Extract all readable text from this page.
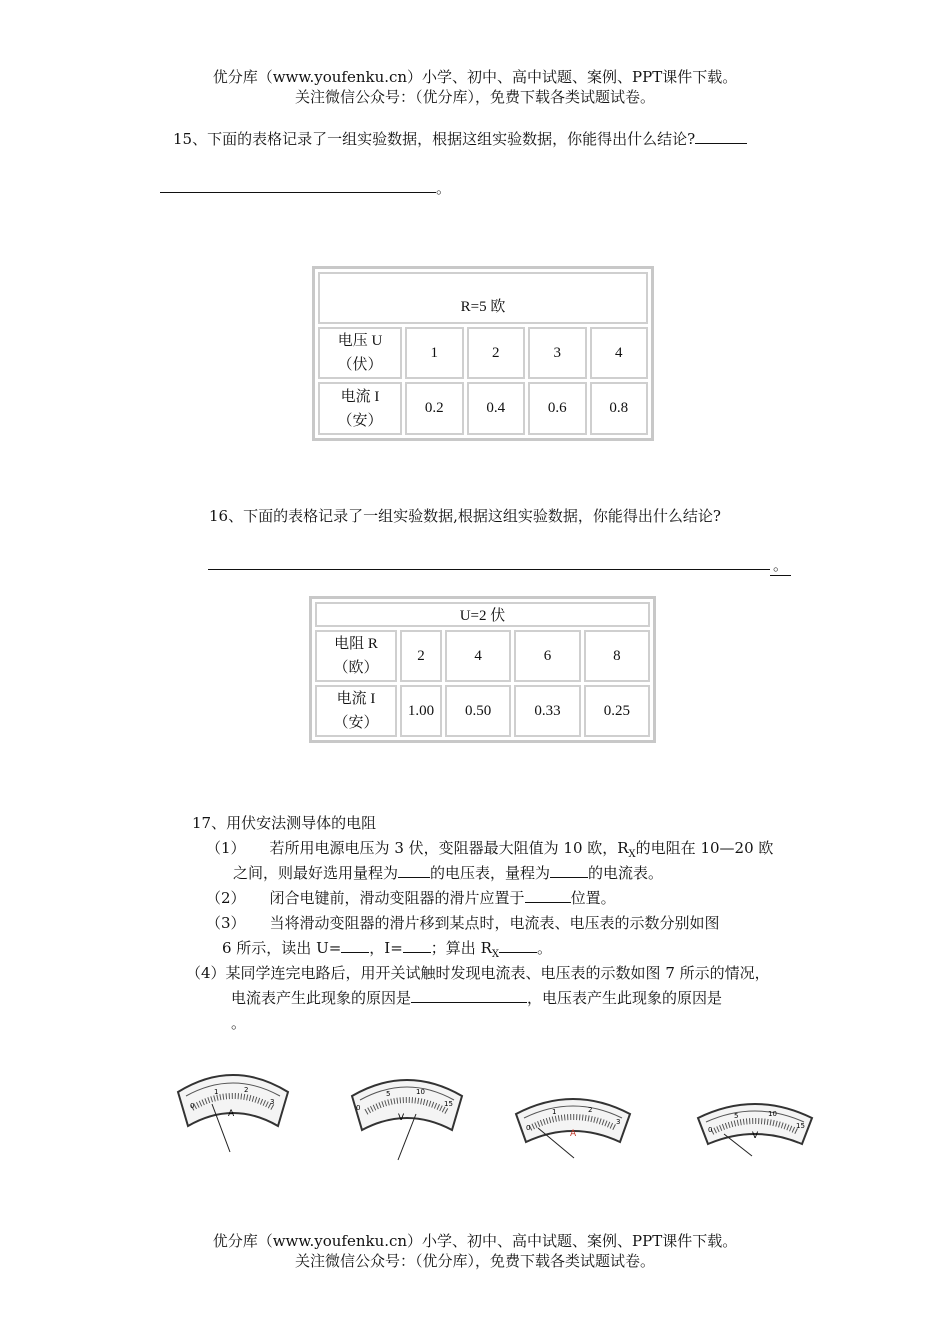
优分库（www.youfenku.cn）小学、初中、高中试题、案例、PPT课件下载。
关注微信公众号：（优分库），免费下载各类试题试卷。
15、下面的表格记录了一组实验数据，根据这组实验数据，你能得出什么结论?
。
R=5 欧				

电压 U
（伏）	1	2	3	4

电流 I
（安）	0.2	0.4	0.6	0.8
16、下面的表格记录了一组实验数据,根据这组实验数据，你能得出什么结论?
。
U=2 伏				

电阻 R
（欧）	2	4	6	8

电流 I
（安）	1.00	0.50	0.33	0.25
17、用伏安法测导体的电阻
（1） 若所用电源电压为 3 伏，变阻器最大阻值为 10 欧，$R_X$的电阻在 10—20 欧
之间，则最好选用量程为 的电压表，量程为	的电流表。
（2） 闭合电键前，滑动变阻器的滑片应置于	位置。
（3） 当将滑动变阻器的滑片移到某点时，电流表、电压表的示数分别如图
6 所示，读出 U= ，I= ；算出 $R_X$	。
（4）某同学连完电路后，用开关试触时发现电流表、电压表的示数如图 7 所示的情况，
电流表产生此现象的原因是	，电压表产生此现象的原因是
。
0
1	2
3
A
0
5	10
15
V
0
1	2
3
A	0
5	10
15
V
优分库（www.youfenku.cn）小学、初中、高中试题、案例、PPT课件下载。
关注微信公众号：（优分库），免费下载各类试题试卷。
